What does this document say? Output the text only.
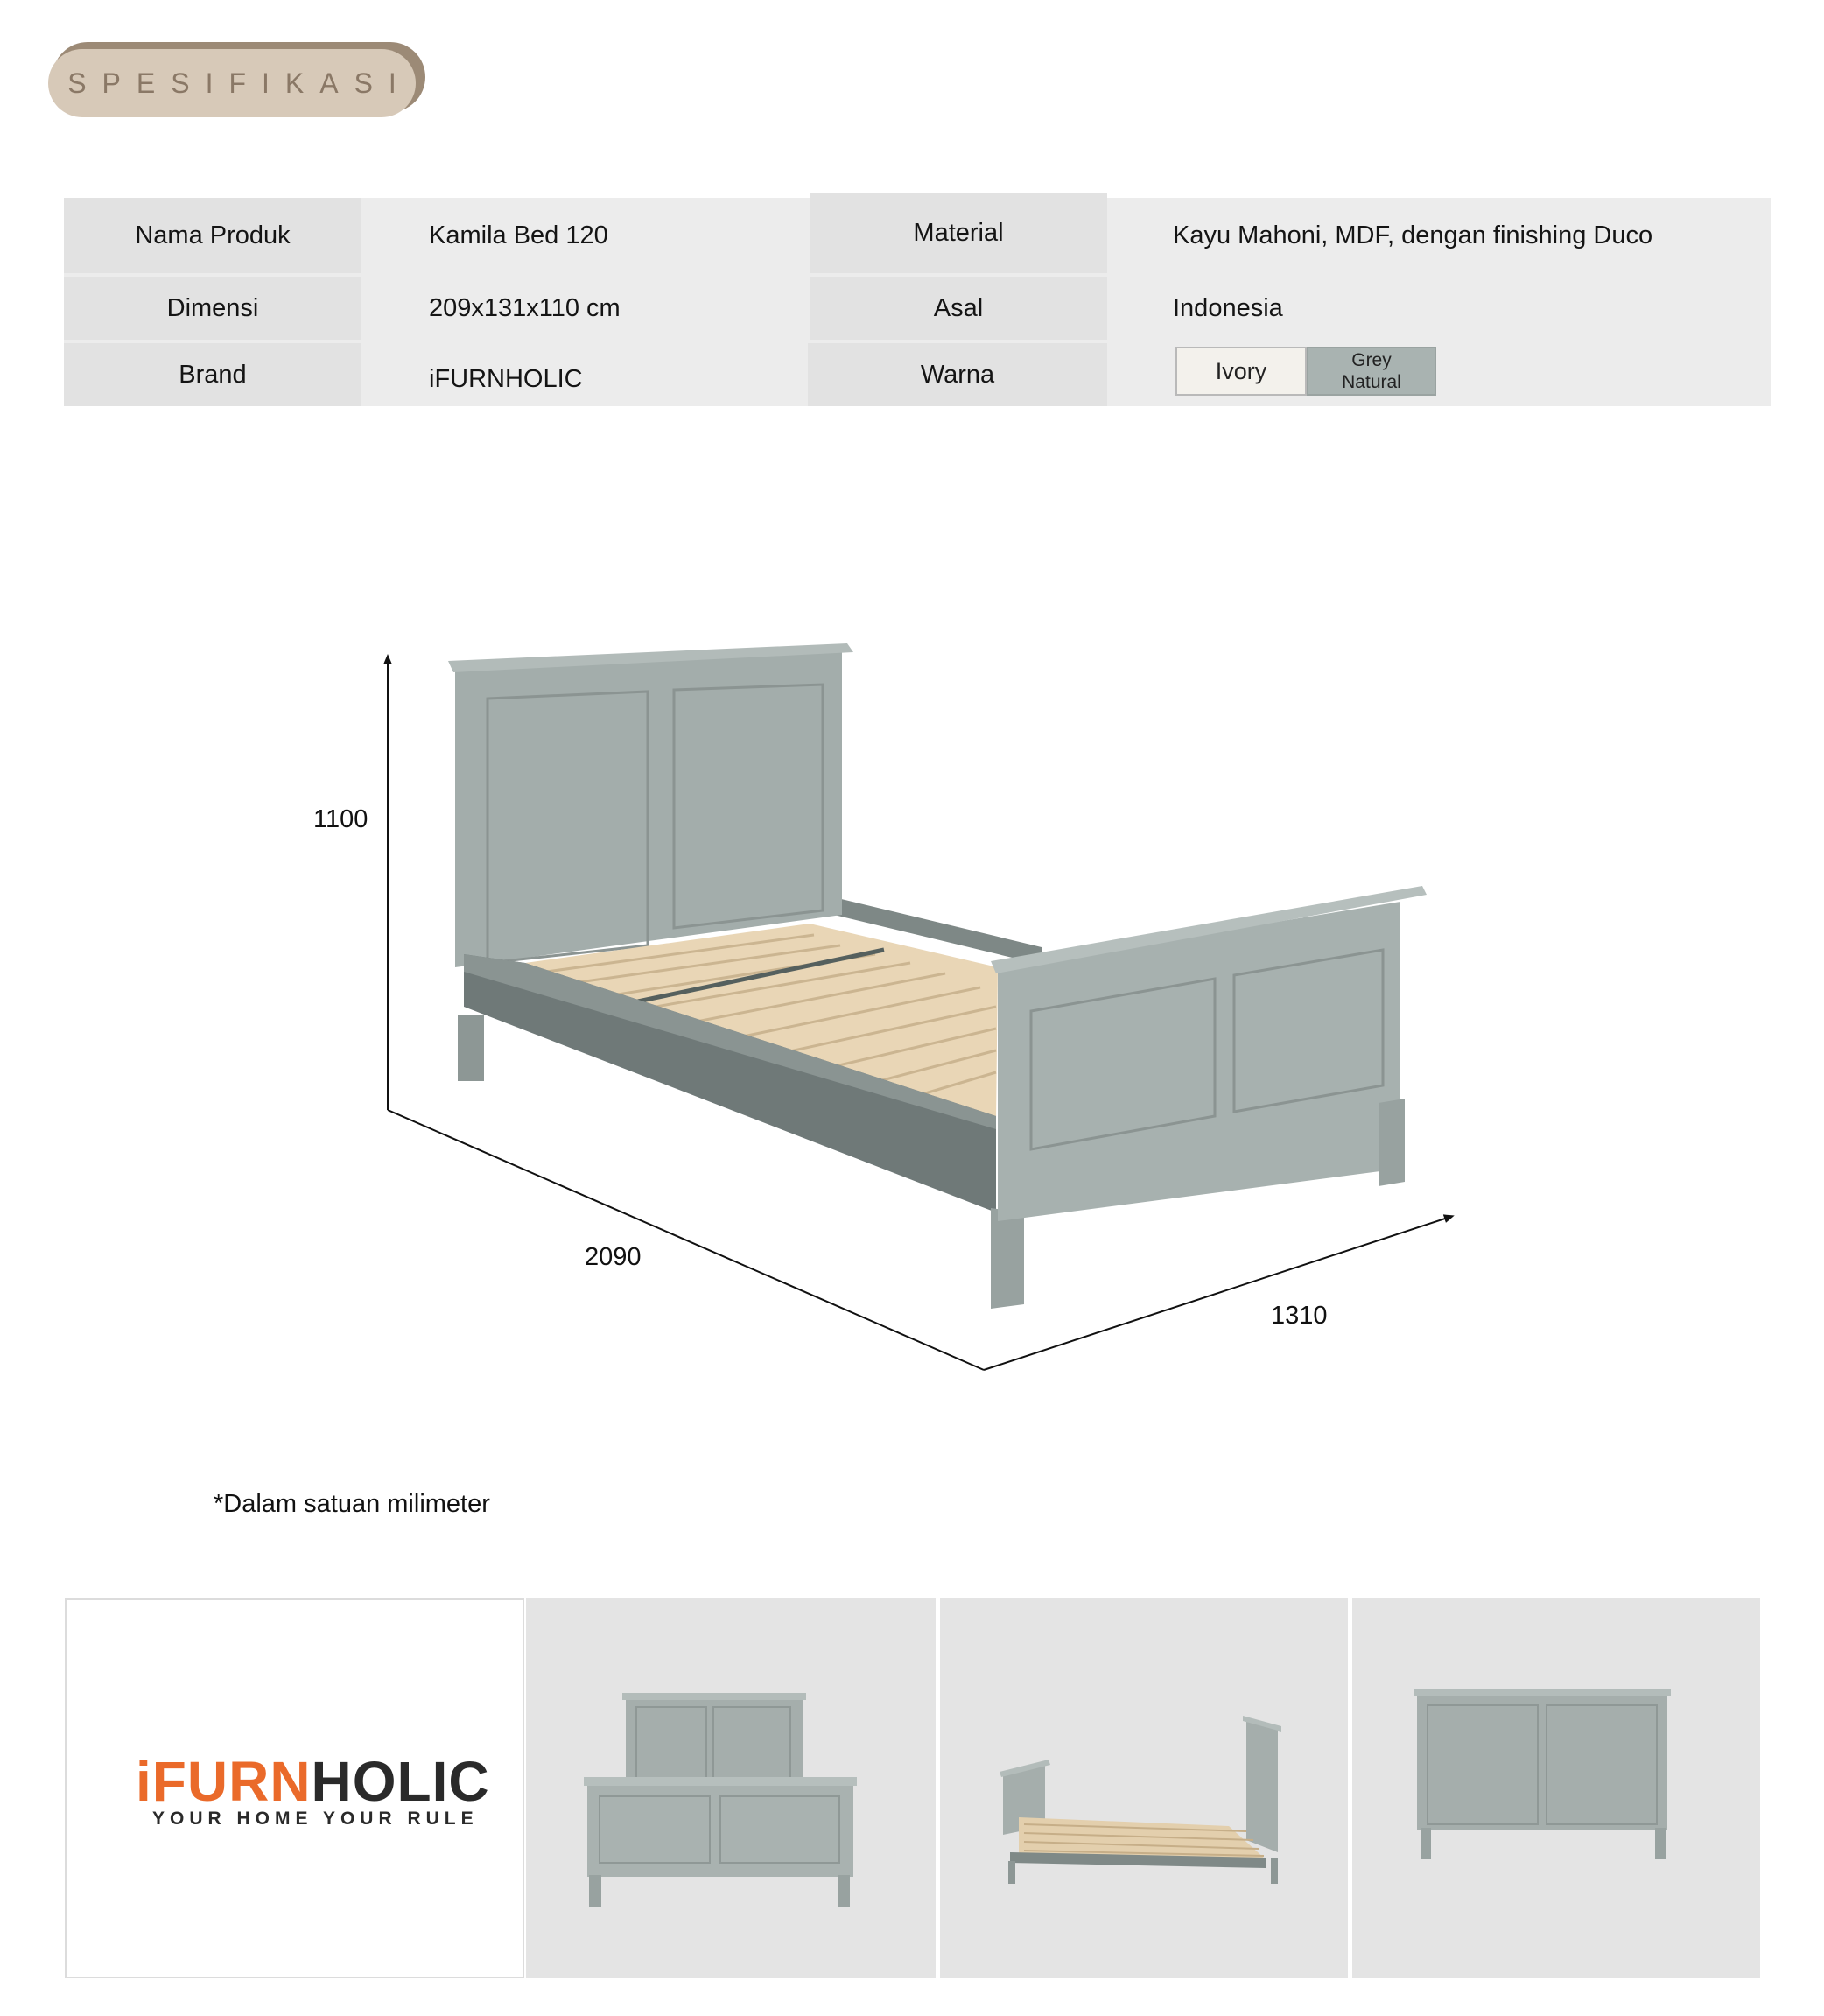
SPESIFIKASI
Nama Produk	Kamila Bed 120
Dimensi	209x131x110 cm
Brand	iFURNHOLIC
Material	Kayu Mahoni, MDF, dengan finishing Duco
Asal	Indonesia
Warna	Ivory	Grey
Natural
1100
2090
1310
*Dalam satuan milimeter
iFURNHOLIC
YOUR HOME YOUR RULE
